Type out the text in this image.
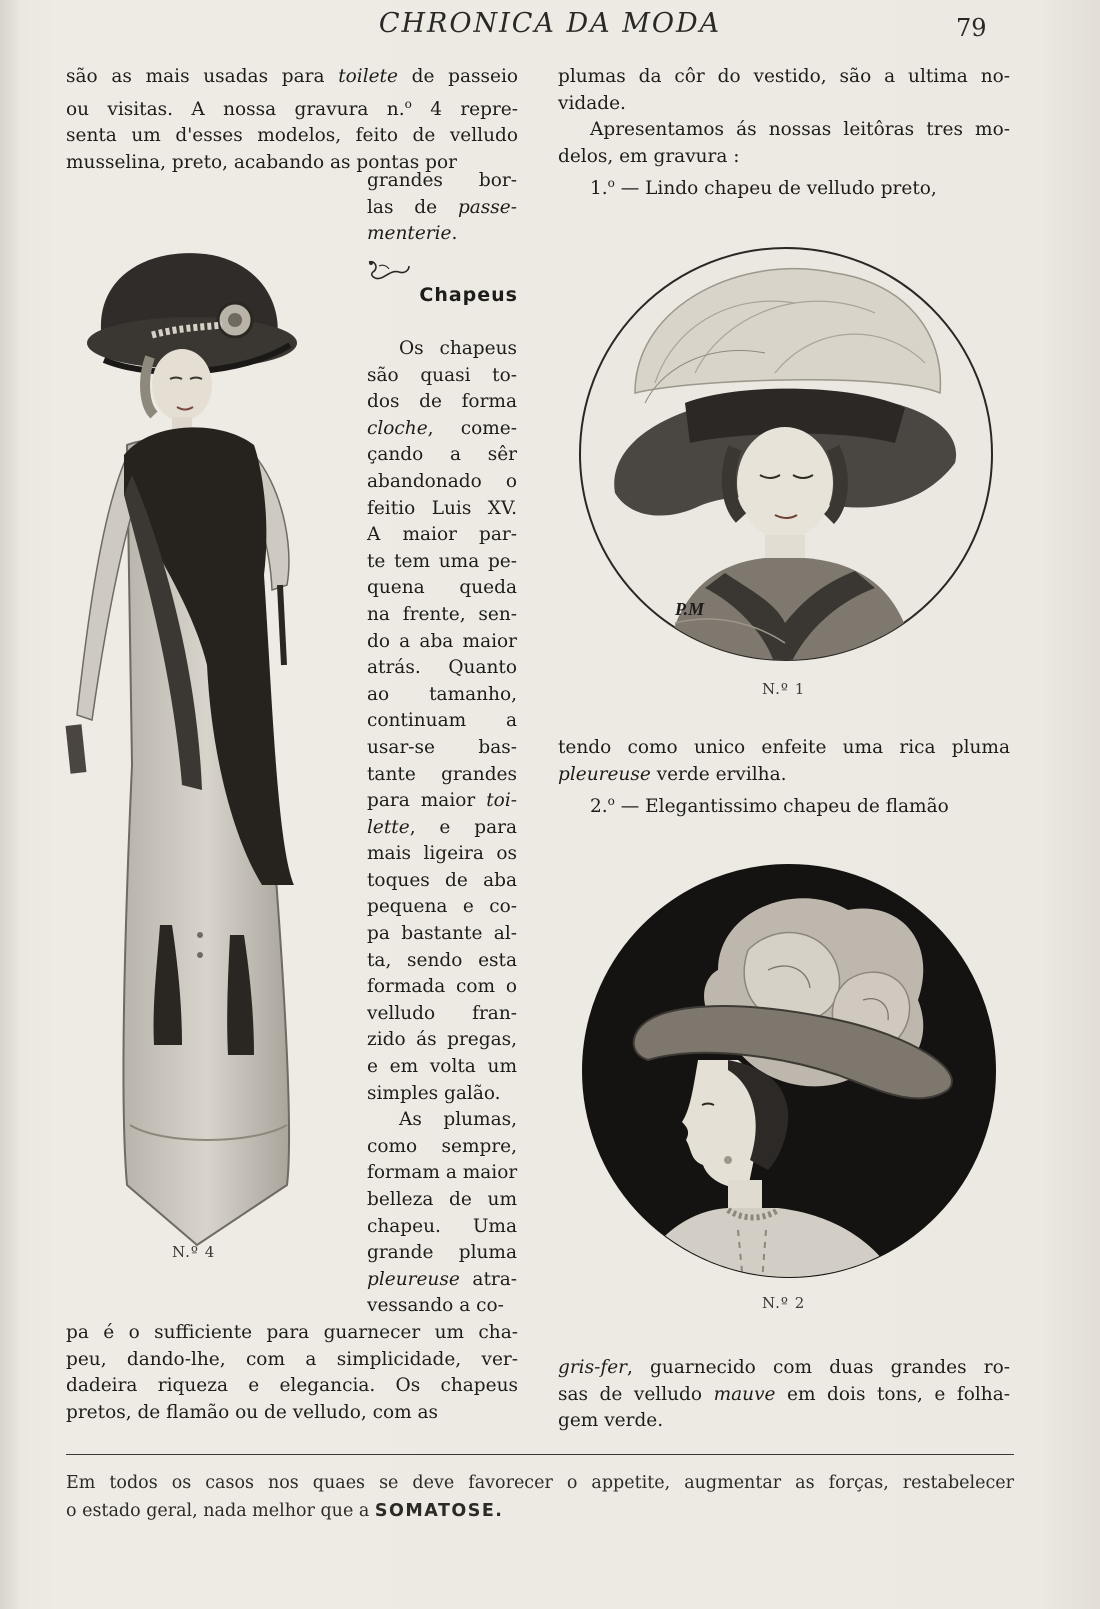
CHRONICA DA MODA	79
são as mais usadas para toilete de passeio
ou visitas. A nossa gravura n.$^o$ 4 repre-
senta um d'esses modelos, feito de velludo
musselina, preto, acabando as pontas por
grandes bor-
las de passe-
menterie.
Chapeus
Os chapeus
são quasi to-
dos de forma
cloche, come-
çando a sêr
abandonado o
feitio Luis XV.
A maior par-
te tem uma pe-
quena queda
na frente, sen-
do a aba maior
atrás. Quanto
ao tamanho,
continuam a
usar-se bas-
tante grandes
para maior toi-
lette, e para
mais ligeira os
toques de aba
pequena e co-
pa bastante al-
ta, sendo esta
formada com o
velludo fran-
zido ás pregas,
e em volta um
simples galão.
As plumas,
como sempre,
formam a maior
belleza de um
chapeu. Uma
grande pluma
pleureuse atra-
vessando a co-
pa é o sufficiente para guarnecer um cha-
peu, dando-lhe, com a simplicidade, ver-
dadeira riqueza e elegancia. Os chapeus
pretos, de flamão ou de velludo, com as
N.º 4
plumas da côr do vestido, são a ultima no-
vidade.
Apresentamos ás nossas leitôras tres mo-
delos, em gravura :
1.$^o$ — Lindo chapeu de velludo preto,
P.M
N.º 1
tendo como unico enfeite uma rica pluma
pleureuse verde ervilha.
2.$^o$ — Elegantissimo chapeu de flamão
N.º 2
gris-fer, guarnecido com duas grandes ro-
sas de velludo mauve em dois tons, e folha-
gem verde.
Em todos os casos nos quaes se deve favorecer o appetite, augmentar as forças, restabelecer
o estado geral, nada melhor que a SOMATOSE.
